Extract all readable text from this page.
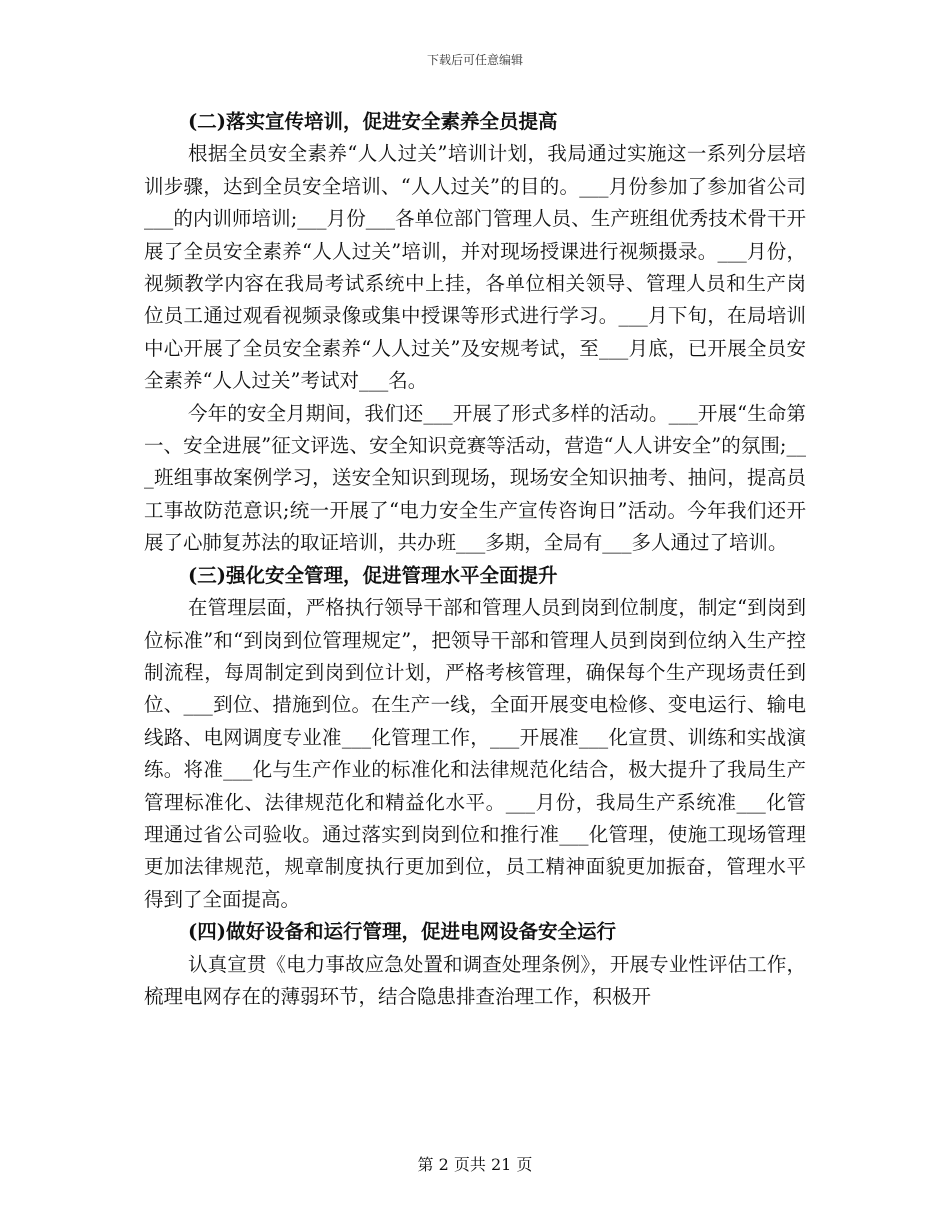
下载后可任意编辑

(二)落实宣传培训，促进安全素养全员提高

根据全员安全素养“人人过关”培训计划，我局通过实施这一系列分层培训步骤，达到全员安全培训、“人人过关”的目的。___月份参加了参加省公司___的内训师培训;___月份___各单位部门管理人员、生产班组优秀技术骨干开展了全员安全素养“人人过关”培训，并对现场授课进行视频摄录。___月份，视频教学内容在我局考试系统中上挂，各单位相关领导、管理人员和生产岗位员工通过观看视频录像或集中授课等形式进行学习。___月下旬，在局培训中心开展了全员安全素养“人人过关”及安规考试，至___月底，已开展全员安全素养“人人过关”考试对___名。

今年的安全月期间，我们还___开展了形式多样的活动。___开展“生命第一、安全进展”征文评选、安全知识竞赛等活动，营造“人人讲安全”的氛围;___班组事故案例学习，送安全知识到现场，现场安全知识抽考、抽问，提高员工事故防范意识;统一开展了“电力安全生产宣传咨询日”活动。今年我们还开展了心肺复苏法的取证培训，共办班___多期，全局有___多人通过了培训。

(三)强化安全管理，促进管理水平全面提升

在管理层面，严格执行领导干部和管理人员到岗到位制度，制定“到岗到位标准”和“到岗到位管理规定”，把领导干部和管理人员到岗到位纳入生产控制流程，每周制定到岗到位计划，严格考核管理，确保每个生产现场责任到位、___到位、措施到位。在生产一线，全面开展变电检修、变电运行、输电线路、电网调度专业准___化管理工作，___开展准___化宣贯、训练和实战演练。将准___化与生产作业的标准化和法律规范化结合，极大提升了我局生产管理标准化、法律规范化和精益化水平。___月份，我局生产系统准___化管理通过省公司验收。通过落实到岗到位和推行准___化管理，使施工现场管理更加法律规范，规章制度执行更加到位，员工精神面貌更加振奋，管理水平得到了全面提高。

(四)做好设备和运行管理，促进电网设备安全运行

认真宣贯《电力事故应急处置和调查处理条例》，开展专业性评估工作，梳理电网存在的薄弱环节，结合隐患排查治理工作，积极开

第 2 页共 21 页
